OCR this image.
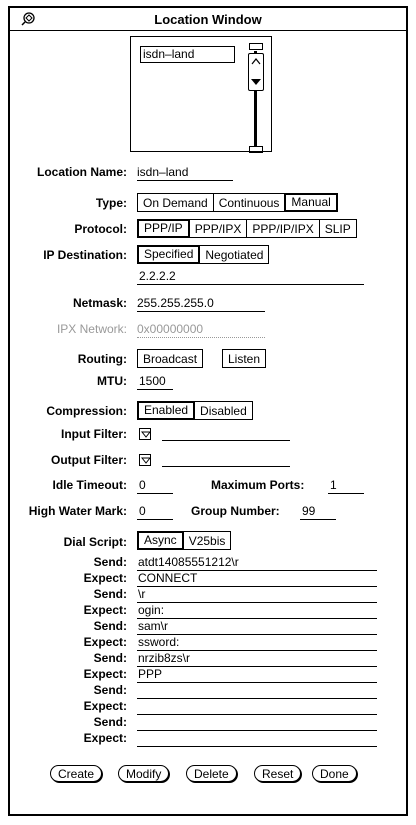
Location Window
isdn–land
Location Name: isdn–land
Type:	On Demand Continuous	Manual
Protocol:	PPP/IP	PPP/IPX PPP/IP/IPX SLIP
IP Destination:	Specified	Negotiated
2.2.2.2
Netmask: 255.255.255.0
IPX Network: 0x00000000
Routing:	Broadcast	Listen
MTU: 1500
Compression:	Enabled	Disabled
Input Filter:
Output Filter:
Idle Timeout: 0	Maximum Ports: 1
High Water Mark: 0	Group Number: 99
Dial Script:	Async	V25bis
Send: atdt14085551212\r
Expect: CONNECT
Send: \r
Expect: ogin:
Send: sam\r
Expect: ssword:
Send: nrzib8zs\r
Expect: PPP
Send:
Expect:
Send:
Expect:
Create	Modify	Delete	Reset	Done
